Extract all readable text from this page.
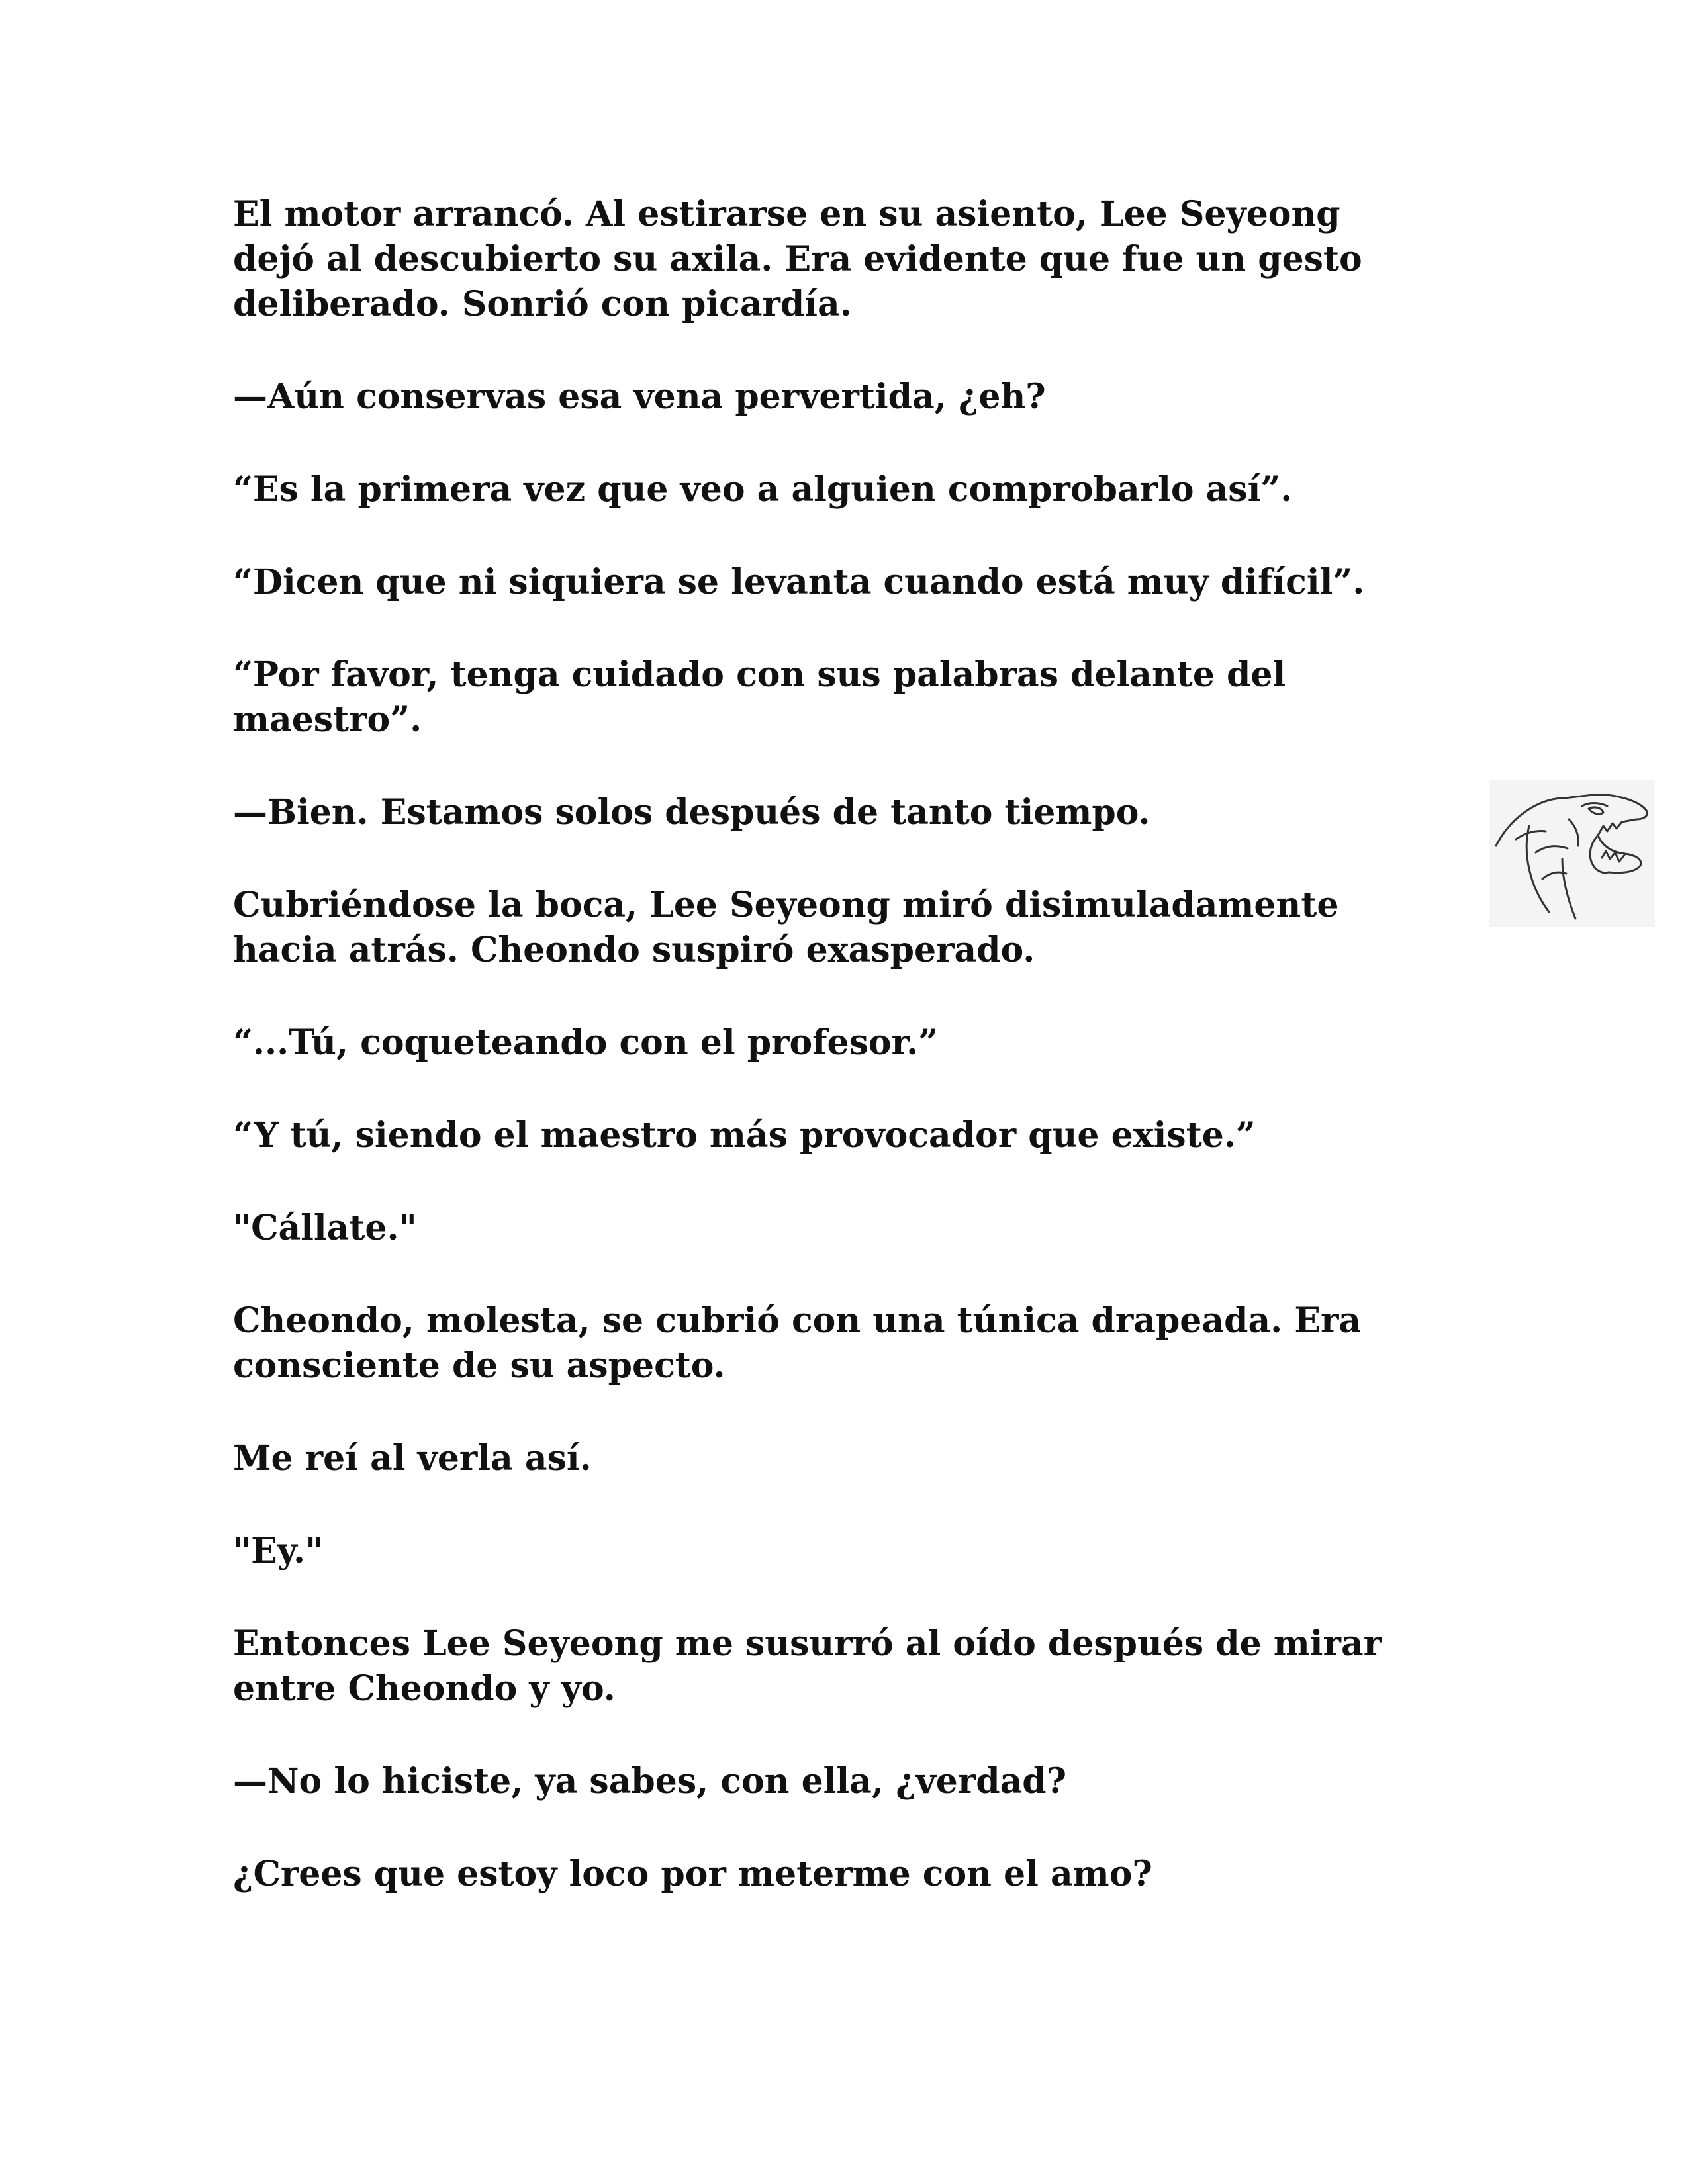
El motor arrancó. Al estirarse en su asiento, Lee Seyeong dejó al descubierto su axila. Era evidente que fue un gesto deliberado. Sonrió con picardía.

—Aún conservas esa vena pervertida, ¿eh?

“Es la primera vez que veo a alguien comprobarlo así”.

“Dicen que ni siquiera se levanta cuando está muy difícil”.

“Por favor, tenga cuidado con sus palabras delante del maestro”.

—Bien. Estamos solos después de tanto tiempo.

Cubriéndose la boca, Lee Seyeong miró disimuladamente hacia atrás. Cheondo suspiró exasperado.

“...Tú, coqueteando con el profesor.”

“Y tú, siendo el maestro más provocador que existe.”

"Cállate."

Cheondo, molesta, se cubrió con una túnica drapeada. Era consciente de su aspecto.

Me reí al verla así.

"Ey."

Entonces Lee Seyeong me susurró al oído después de mirar entre Cheondo y yo.

—No lo hiciste, ya sabes, con ella, ¿verdad?

¿Crees que estoy loco por meterme con el amo?
